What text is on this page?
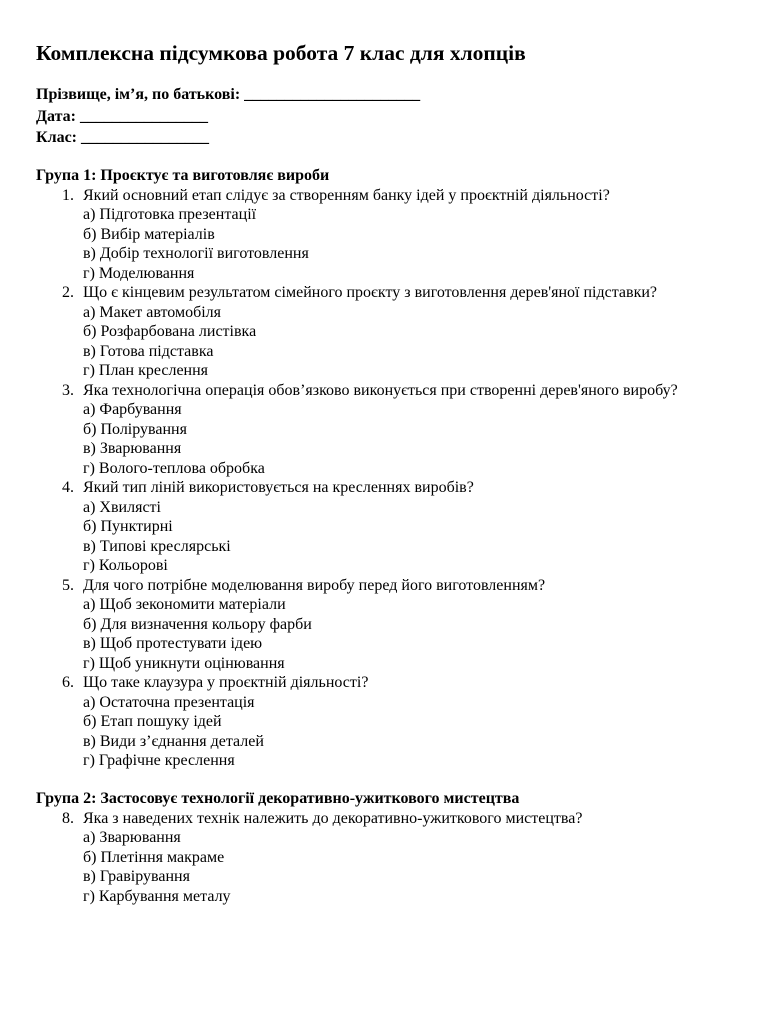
Комплексна підсумкова робота 7 клас для хлопців
Прізвище, ім’я, по батькові: ______________________
Дата: ________________
Клас: ________________
Група 1: Проєктує та виготовляє вироби
1. Який основний етап слідує за створенням банку ідей у проєктній діяльності?
а) Підготовка презентації
б) Вибір матеріалів
в) Добір технології виготовлення
г) Моделювання
2. Що є кінцевим результатом сімейного проєкту з виготовлення дерев'яної підставки?
а) Макет автомобіля
б) Розфарбована листівка
в) Готова підставка
г) План креслення
3. Яка технологічна операція обов’язково виконується при створенні дерев'яного виробу?
а) Фарбування
б) Полірування
в) Зварювання
г) Волого-теплова обробка
4. Який тип ліній використовується на кресленнях виробів?
а) Хвилясті
б) Пунктирні
в) Типові креслярські
г) Кольорові
5. Для чого потрібне моделювання виробу перед його виготовленням?
а) Щоб зекономити матеріали
б) Для визначення кольору фарби
в) Щоб протестувати ідею
г) Щоб уникнути оцінювання
6. Що таке клаузура у проєктній діяльності?
а) Остаточна презентація
б) Етап пошуку ідей
в) Види з’єднання деталей
г) Графічне креслення
Група 2: Застосовує технології декоративно-ужиткового мистецтва
8. Яка з наведених технік належить до декоративно-ужиткового мистецтва?
а) Зварювання
б) Плетіння макраме
в) Гравірування
г) Карбування металу
